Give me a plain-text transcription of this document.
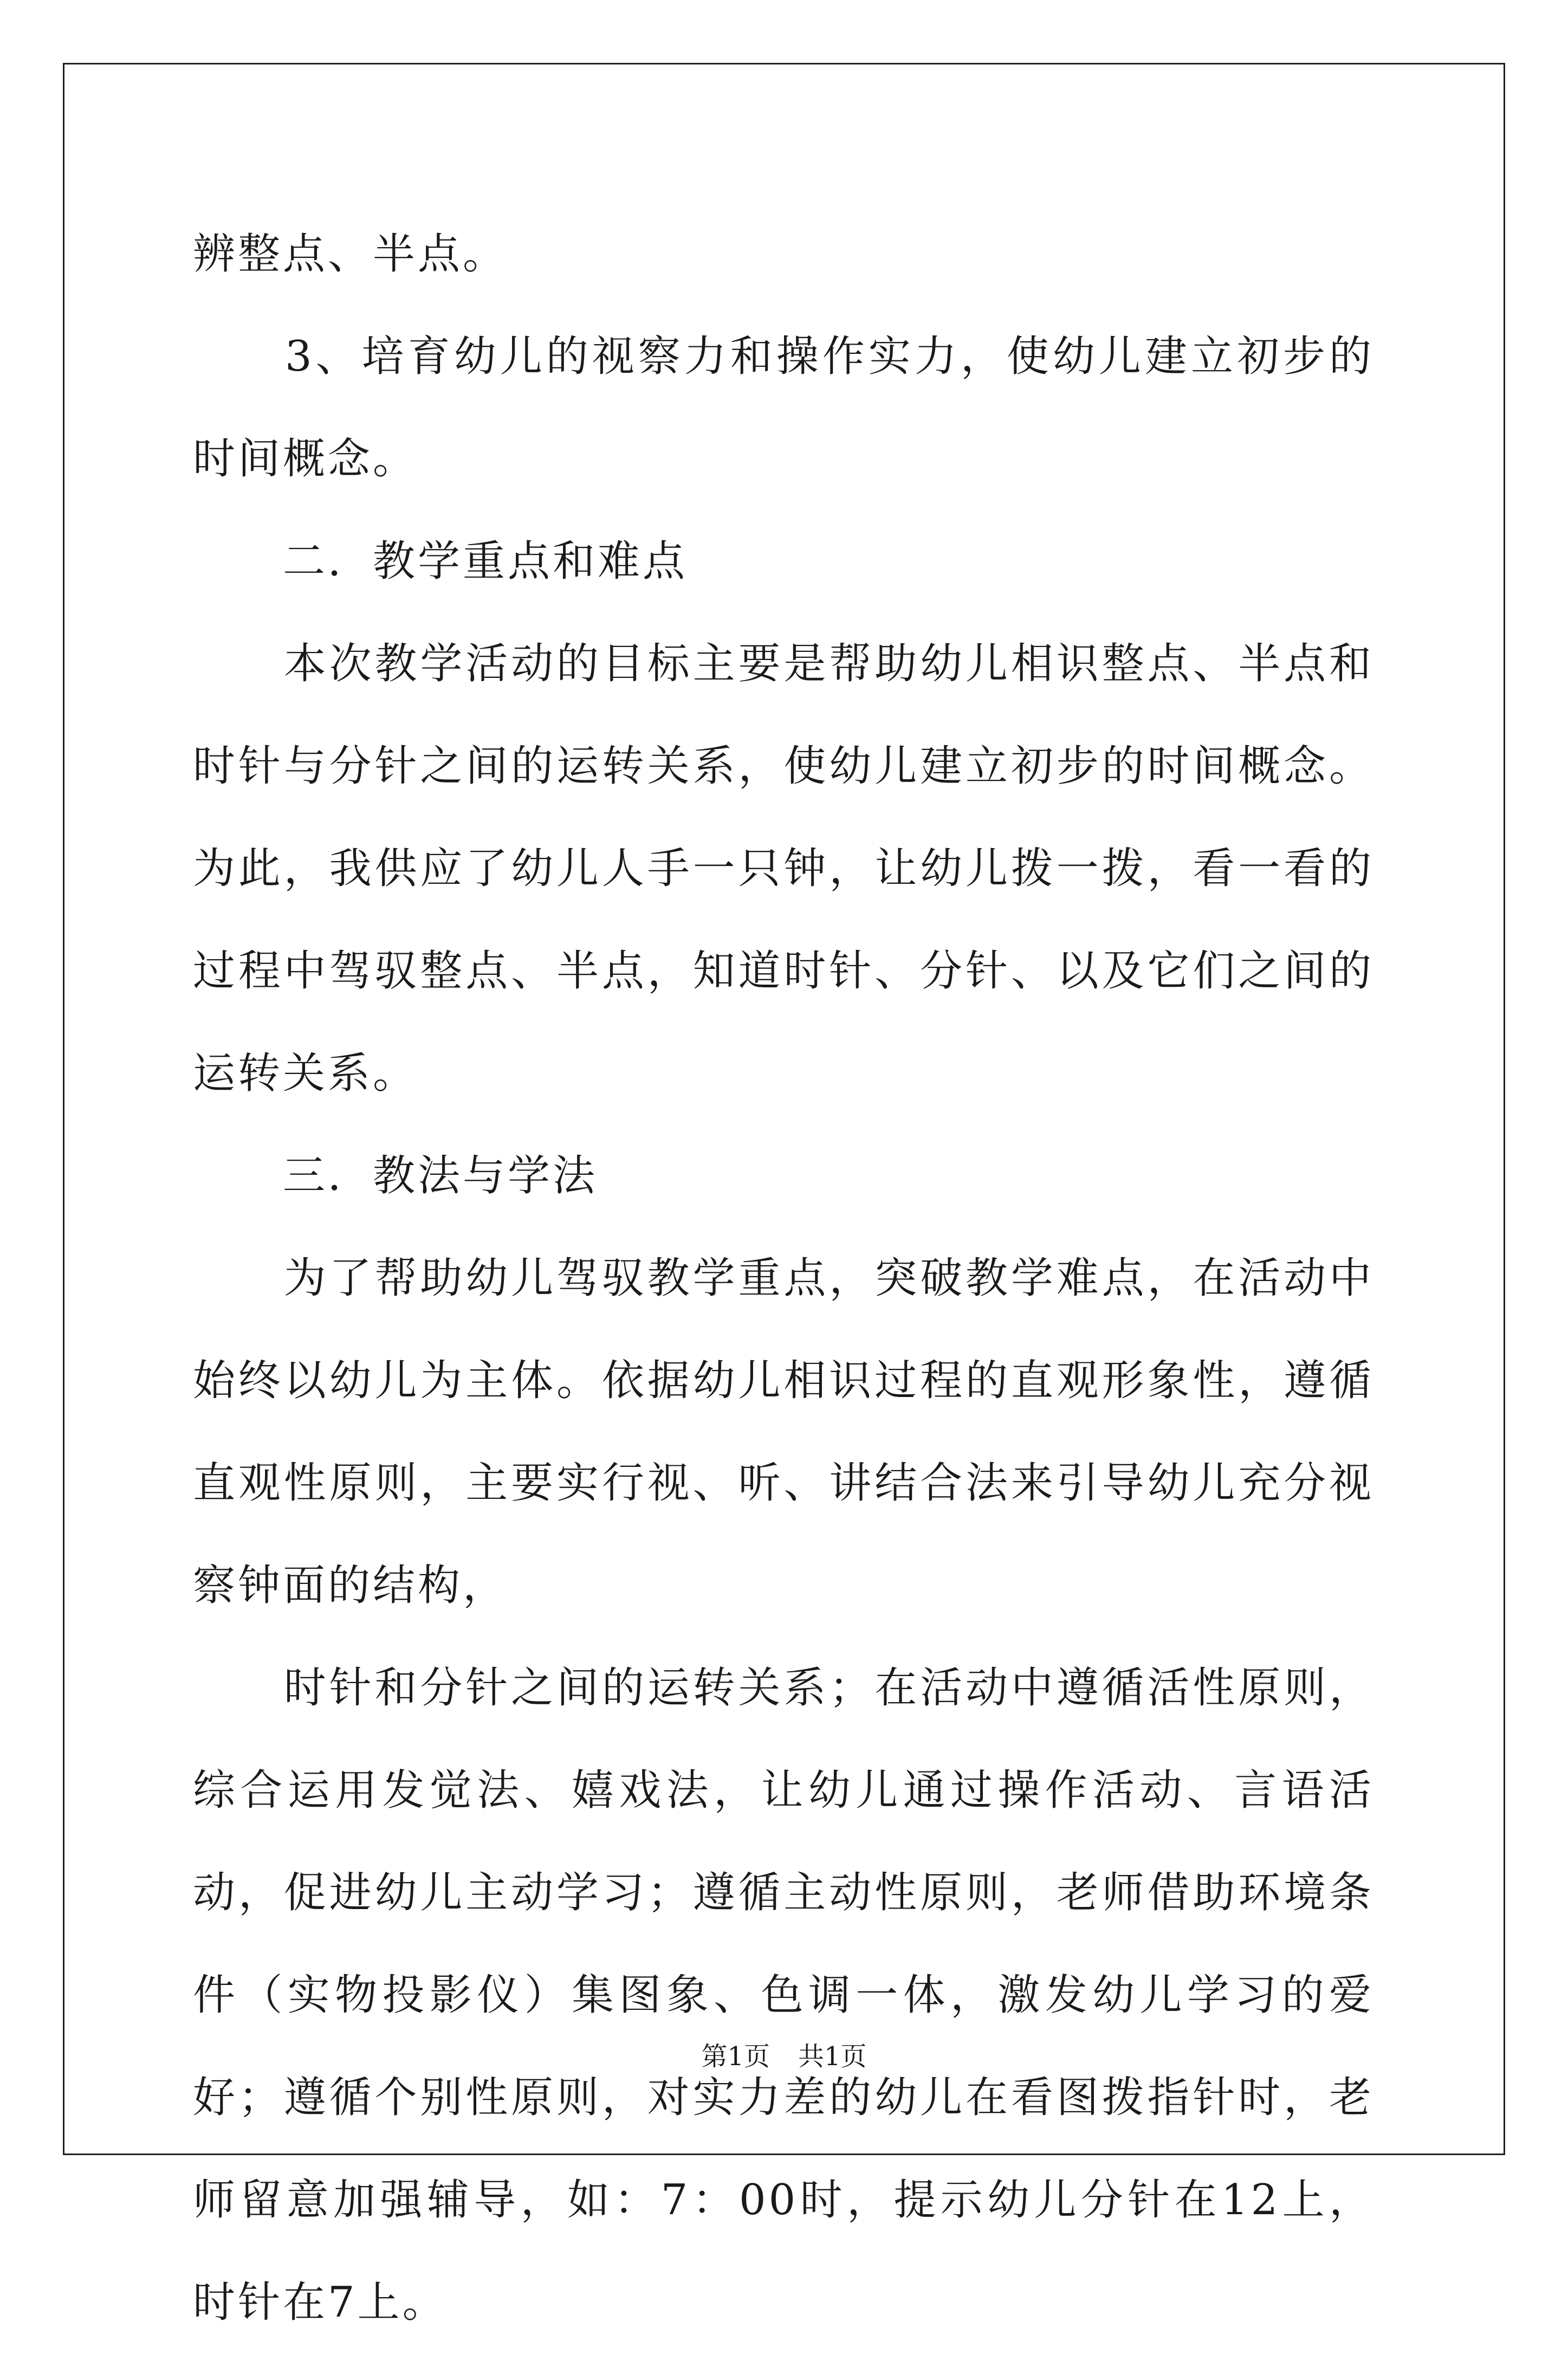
辨整点、半点。

　　3、培育幼儿的视察力和操作实力，使幼儿建立初步的时间概念。

　　二．教学重点和难点

　　本次教学活动的目标主要是帮助幼儿相识整点、半点和时针与分针之间的运转关系，使幼儿建立初步的时间概念。为此，我供应了幼儿人手一只钟，让幼儿拨一拨，看一看的过程中驾驭整点、半点，知道时针、分针、以及它们之间的运转关系。

　　三．教法与学法

　　为了帮助幼儿驾驭教学重点，突破教学难点，在活动中始终以幼儿为主体。依据幼儿相识过程的直观形象性，遵循直观性原则，主要实行视、听、讲结合法来引导幼儿充分视察钟面的结构，

　　时针和分针之间的运转关系；在活动中遵循活性原则，综合运用发觉法、嬉戏法，让幼儿通过操作活动、言语活动，促进幼儿主动学习；遵循主动性原则，老师借助环境条件（实物投影仪）集图象、色调一体，激发幼儿学习的爱好；遵循个别性原则，对实力差的幼儿在看图拨指针时，老师留意加强辅导，如：7：00时，提示幼儿分针在12上，时针在7上。

第1页 共1页
